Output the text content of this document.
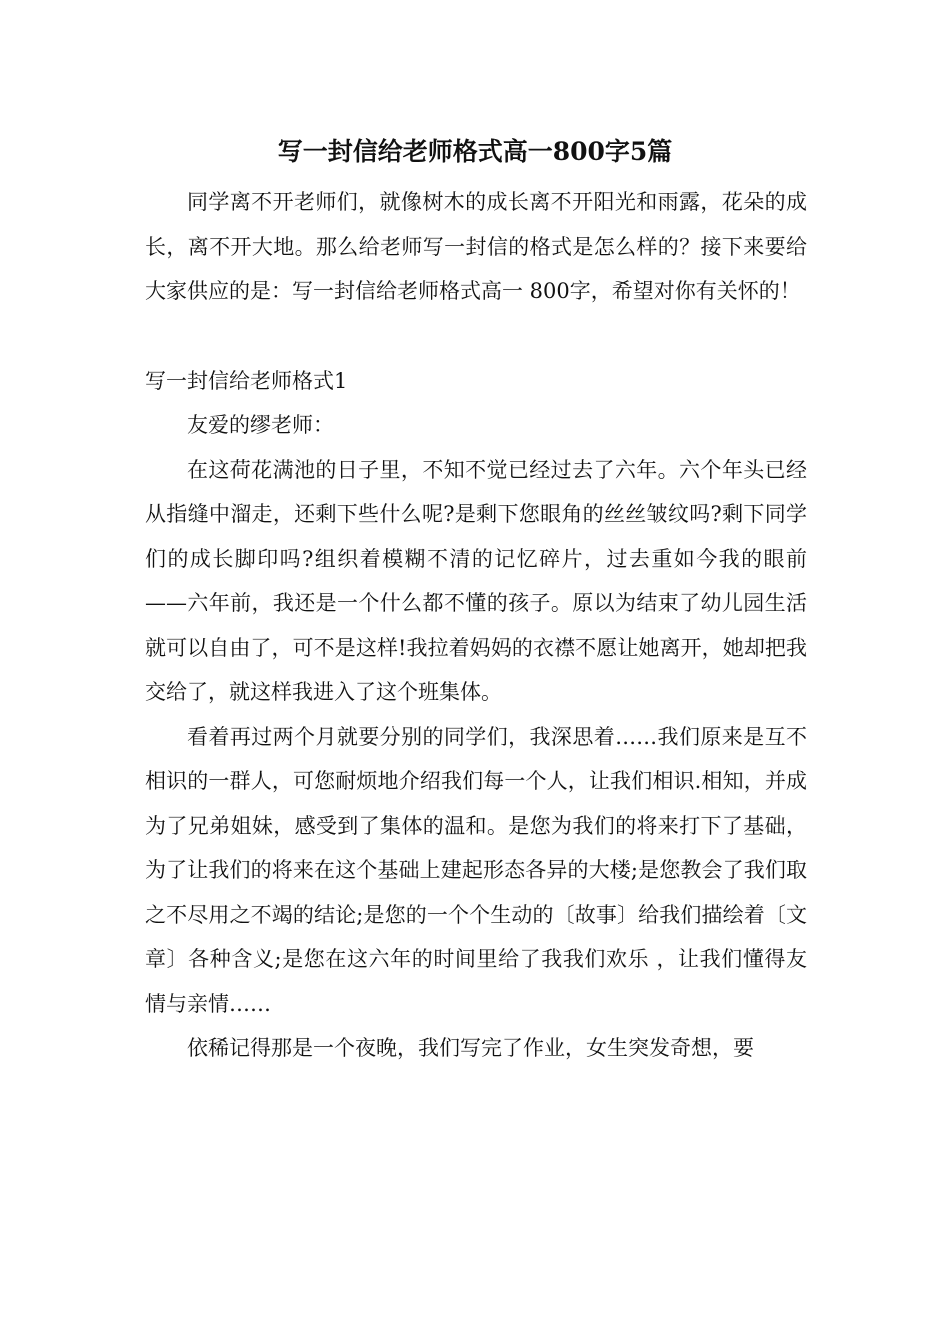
写一封信给老师格式高一800字5篇

同学离不开老师们，就像树木的成长离不开阳光和雨露，花朵的成长，离不开大地。那么给老师写一封信的格式是怎么样的？接下来要给大家供应的是：写一封信给老师格式高一 800字，希望对你有关怀的！

写一封信给老师格式1

友爱的缪老师：

在这荷花满池的日子里，不知不觉已经过去了六年。六个年头已经从指缝中溜走，还剩下些什么呢?是剩下您眼角的丝丝皱纹吗?剩下同学们的成长脚印吗?组织着模糊不清的记忆碎片，过去重如今我的眼前——六年前，我还是一个什么都不懂的孩子。原以为结束了幼儿园生活就可以自由了，可不是这样!我拉着妈妈的衣襟不愿让她离开，她却把我交给了，就这样我进入了这个班集体。

看着再过两个月就要分别的同学们，我深思着……我们原来是互不相识的一群人，可您耐烦地介绍我们每一个人，让我们相识.相知，并成为了兄弟姐妹，感受到了集体的温和。是您为我们的将来打下了基础，为了让我们的将来在这个基础上建起形态各异的大楼;是您教会了我们取之不尽用之不竭的结论;是您的一个个生动的〔故事〕给我们描绘着〔文章〕各种含义;是您在这六年的时间里给了我我们欢乐 ，让我们懂得友情与亲情……

依稀记得那是一个夜晚，我们写完了作业，女生突发奇想，要
